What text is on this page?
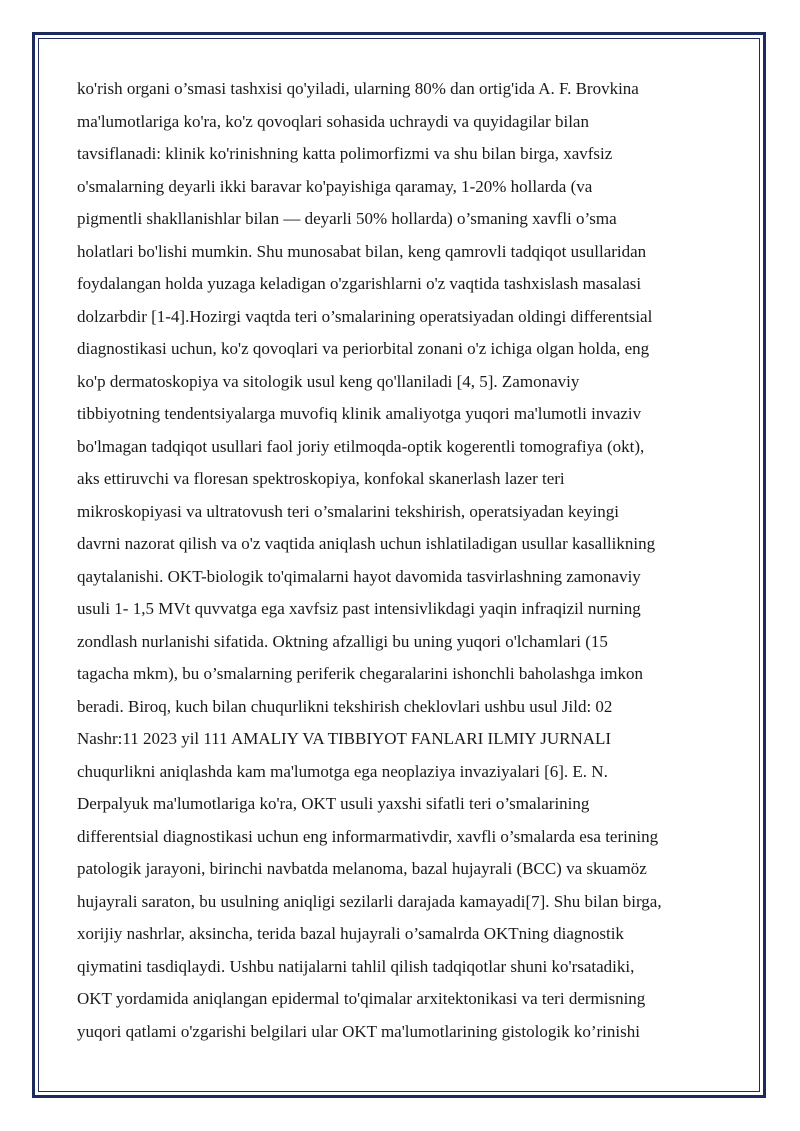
ko'rish organi o’smasi tashxisi qo'yiladi, ularning 80% dan ortig'ida A. F. Brovkina
ma'lumotlariga ko'ra, ko'z qovoqlari sohasida uchraydi va quyidagilar bilan
tavsiflanadi: klinik ko'rinishning katta polimorfizmi va shu bilan birga, xavfsiz
o'smalarning deyarli ikki baravar ko'payishiga qaramay, 1-20% hollarda (va
pigmentli shakllanishlar bilan — deyarli 50% hollarda) o’smaning xavfli o’sma
holatlari bo'lishi mumkin. Shu munosabat bilan, keng qamrovli tadqiqot usullaridan
foydalangan holda yuzaga keladigan o'zgarishlarni o'z vaqtida tashxislash masalasi
dolzarbdir [1-4].Hozirgi vaqtda teri o’smalarining operatsiyadan oldingi differentsial
diagnostikasi uchun, ko'z qovoqlari va periorbital zonani o'z ichiga olgan holda, eng
ko'p dermatoskopiya va sitologik usul keng qo'llaniladi [4, 5]. Zamonaviy
tibbiyotning tendentsiyalarga muvofiq klinik amaliyotga yuqori ma'lumotli invaziv
bo'lmagan tadqiqot usullari faol joriy etilmoqda-optik kogerentli tomografiya (okt),
aks ettiruvchi va floresan spektroskopiya, konfokal skanerlash lazer teri
mikroskopiyasi va ultratovush teri o’smalarini tekshirish, operatsiyadan keyingi
davrni nazorat qilish va o'z vaqtida aniqlash uchun ishlatiladigan usullar kasallikning
qaytalanishi. OKT-biologik to'qimalarni hayot davomida tasvirlashning zamonaviy
usuli 1- 1,5 MVt quvvatga ega xavfsiz past intensivlikdagi yaqin infraqizil nurning
zondlash nurlanishi sifatida. Oktning afzalligi bu uning yuqori o'lchamlari (15
tagacha mkm), bu o’smalarning periferik chegaralarini ishonchli baholashga imkon
beradi. Biroq, kuch bilan chuqurlikni tekshirish cheklovlari ushbu usul Jild: 02
Nashr:11 2023 yil 111 AMALIY VA TIBBIYOT FANLARI ILMIY JURNALI
chuqurlikni aniqlashda kam ma'lumotga ega neoplaziya invaziyalari [6]. E. N.
Derpalyuk ma'lumotlariga ko'ra, OKT usuli yaxshi sifatli teri o’smalarining
differentsial diagnostikasi uchun eng informarmativdir, xavfli o’smalarda esa terining
patologik jarayoni, birinchi navbatda melanoma, bazal hujayrali (BCC) va skuamöz
hujayrali saraton, bu usulning aniqligi sezilarli darajada kamayadi[7]. Shu bilan birga,
xorijiy nashrlar, aksincha, terida bazal hujayrali o’samalrda OKTning diagnostik
qiymatini tasdiqlaydi. Ushbu natijalarni tahlil qilish tadqiqotlar shuni ko'rsatadiki,
OKT yordamida aniqlangan epidermal to'qimalar arxitektonikasi va teri dermisning
yuqori qatlami o'zgarishi belgilari ular OKT ma'lumotlarining gistologik ko’rinishi
